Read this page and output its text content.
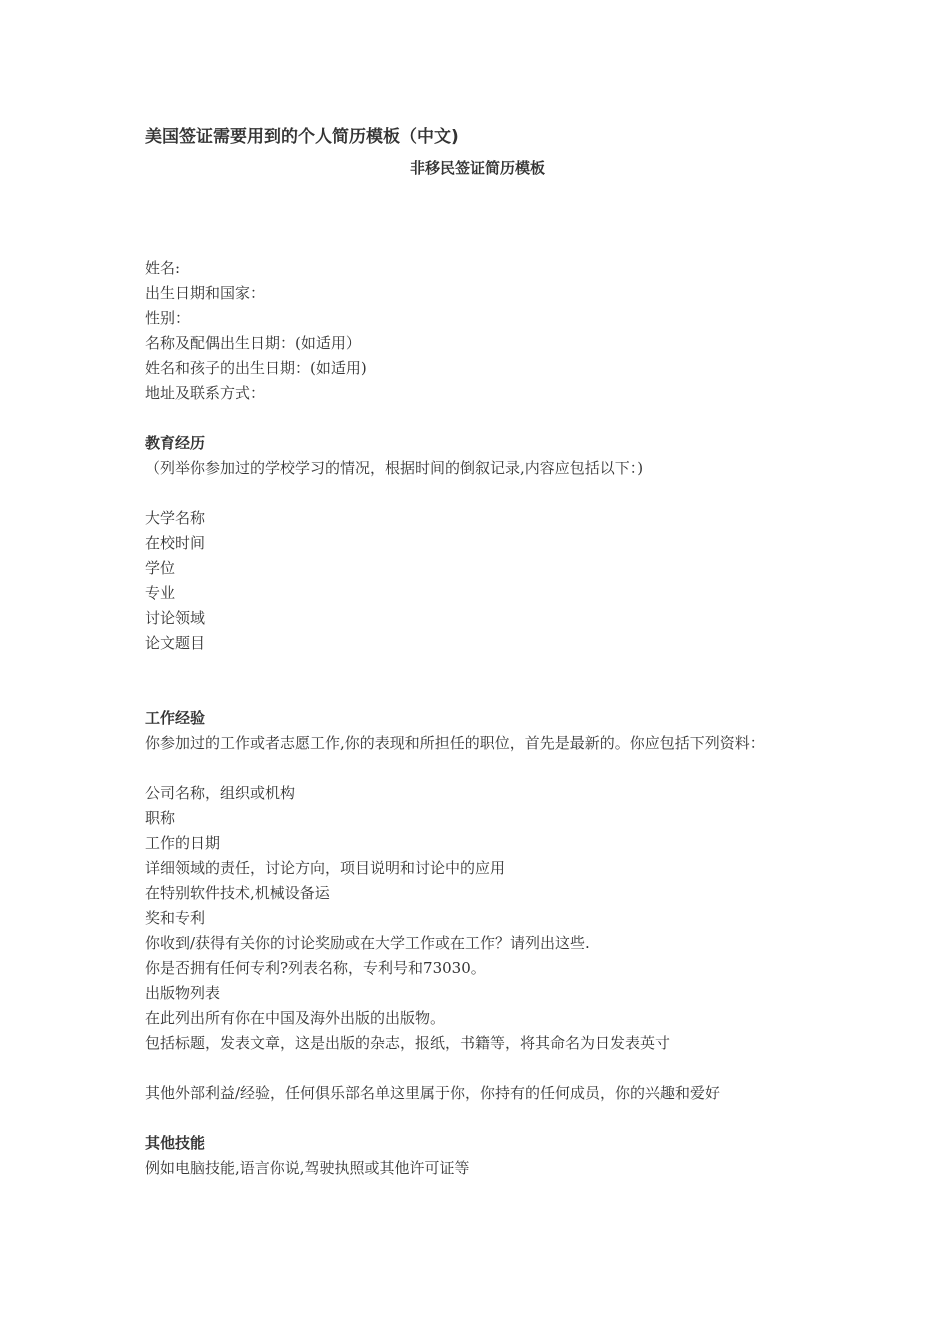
美国签证需要用到的个人简历模板（中文)
非移民签证简历模板
姓名:
出生日期和国家：
性别：
名称及配偶出生日期：(如适用）
姓名和孩子的出生日期：(如适用)
地址及联系方式：
教育经历
（列举你参加过的学校学习的情况，根据时间的倒叙记录,内容应包括以下：)
大学名称
在校时间
学位
专业
讨论领域
论文题目
工作经验
你参加过的工作或者志愿工作,你的表现和所担任的职位，首先是最新的。你应包括下列资料：
公司名称，组织或机构
职称
工作的日期
详细领域的责任，讨论方向，项目说明和讨论中的应用
在特别软件技术,机械设备运
奖和专利
你收到/获得有关你的讨论奖励或在大学工作或在工作？请列出这些.
你是否拥有任何专利?列表名称，专利号和73030。
出版物列表
在此列出所有你在中国及海外出版的出版物。
包括标题，发表文章，这是出版的杂志，报纸，书籍等，将其命名为日发表英寸
其他外部利益/经验，任何俱乐部名单这里属于你，你持有的任何成员，你的兴趣和爱好
其他技能
例如电脑技能,语言你说,驾驶执照或其他许可证等
